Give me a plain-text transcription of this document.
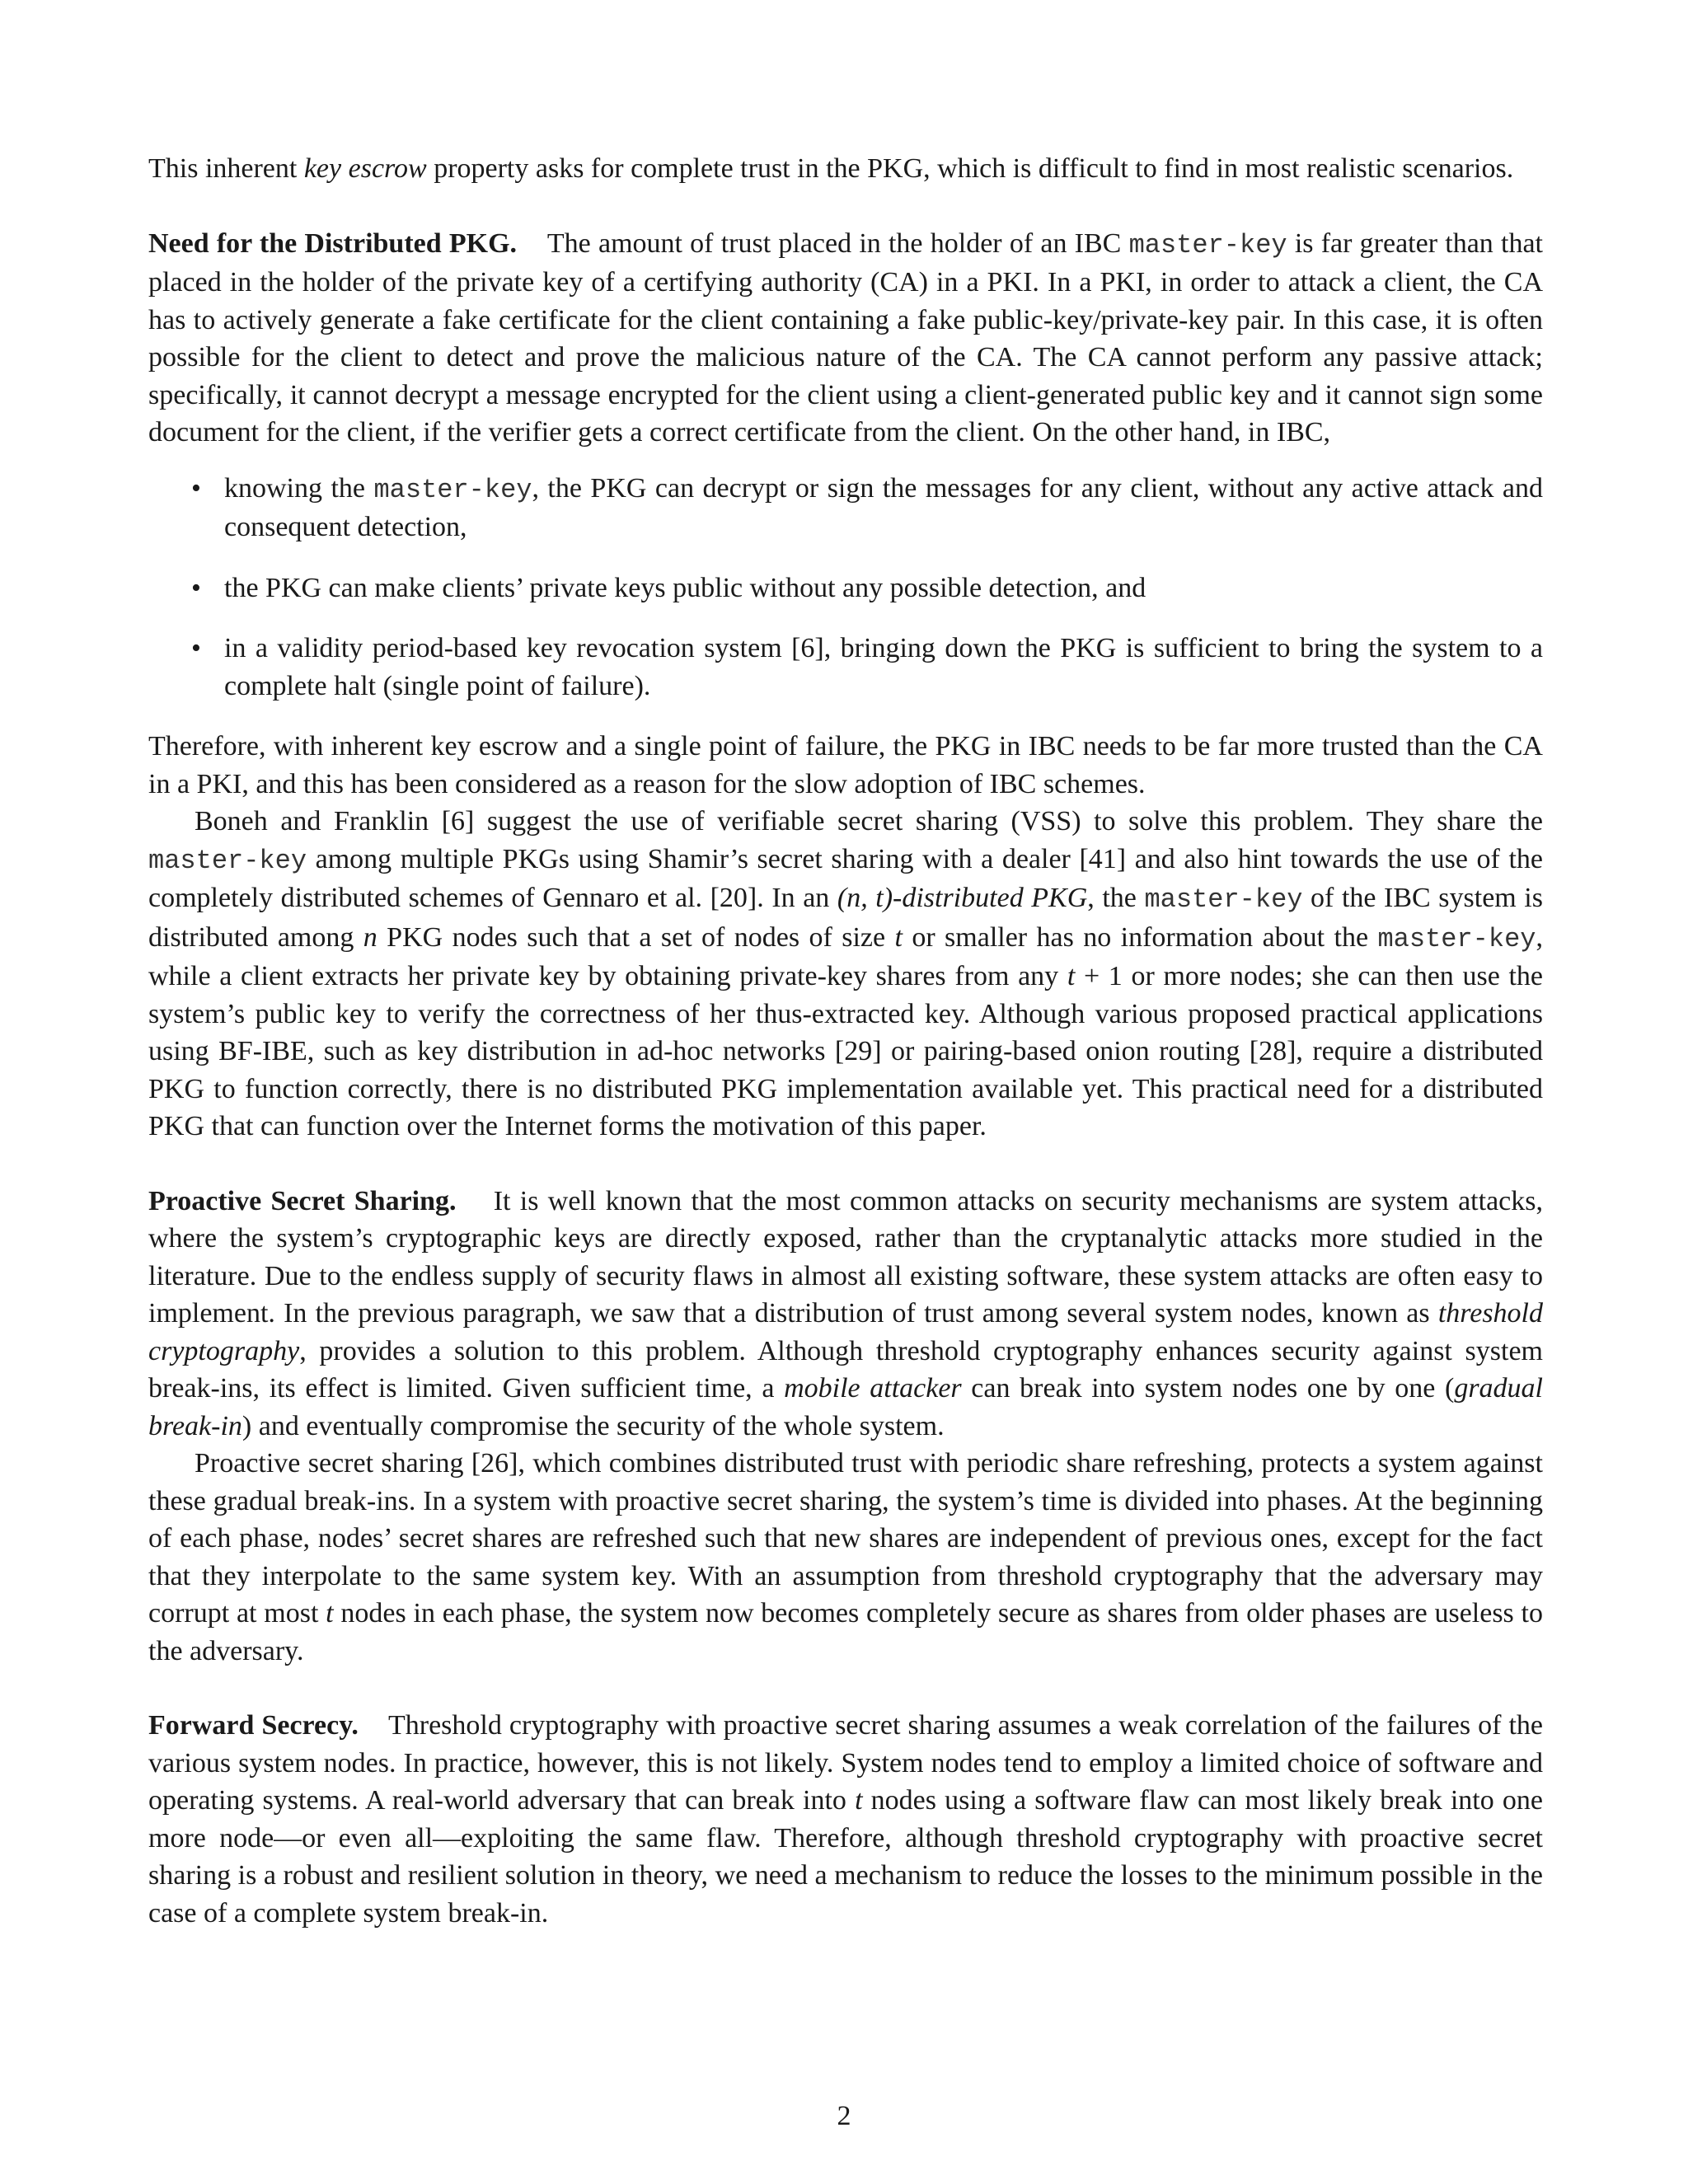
This inherent key escrow property asks for complete trust in the PKG, which is difficult to find in most realistic scenarios.

Need for the Distributed PKG. The amount of trust placed in the holder of an IBC master-key is far greater than that placed in the holder of the private key of a certifying authority (CA) in a PKI. In a PKI, in order to attack a client, the CA has to actively generate a fake certificate for the client containing a fake public-key/private-key pair. In this case, it is often possible for the client to detect and prove the malicious nature of the CA. The CA cannot perform any passive attack; specifically, it cannot decrypt a message encrypted for the client using a client-generated public key and it cannot sign some document for the client, if the verifier gets a correct certificate from the client. On the other hand, in IBC,

• knowing the master-key, the PKG can decrypt or sign the messages for any client, without any active attack and consequent detection,
• the PKG can make clients’ private keys public without any possible detection, and
• in a validity period-based key revocation system [6], bringing down the PKG is sufficient to bring the system to a complete halt (single point of failure).

Therefore, with inherent key escrow and a single point of failure, the PKG in IBC needs to be far more trusted than the CA in a PKI, and this has been considered as a reason for the slow adoption of IBC schemes.

Boneh and Franklin [6] suggest the use of verifiable secret sharing (VSS) to solve this problem. They share the master-key among multiple PKGs using Shamir’s secret sharing with a dealer [41] and also hint towards the use of the completely distributed schemes of Gennaro et al. [20]. In an (n, t)-distributed PKG, the master-key of the IBC system is distributed among n PKG nodes such that a set of nodes of size t or smaller has no information about the master-key, while a client extracts her private key by obtaining private-key shares from any t + 1 or more nodes; she can then use the system’s public key to verify the correctness of her thus-extracted key. Although various proposed practical applications using BF-IBE, such as key distribution in ad-hoc networks [29] or pairing-based onion routing [28], require a distributed PKG to function correctly, there is no distributed PKG implementation available yet. This practical need for a distributed PKG that can function over the Internet forms the motivation of this paper.

Proactive Secret Sharing. It is well known that the most common attacks on security mechanisms are system attacks, where the system’s cryptographic keys are directly exposed, rather than the cryptanalytic attacks more studied in the literature. Due to the endless supply of security flaws in almost all existing software, these system attacks are often easy to implement. In the previous paragraph, we saw that a distribution of trust among several system nodes, known as threshold cryptography, provides a solution to this problem. Although threshold cryptography enhances security against system break-ins, its effect is limited. Given sufficient time, a mobile attacker can break into system nodes one by one (gradual break-in) and eventually compromise the security of the whole system.

Proactive secret sharing [26], which combines distributed trust with periodic share refreshing, protects a system against these gradual break-ins. In a system with proactive secret sharing, the system’s time is divided into phases. At the beginning of each phase, nodes’ secret shares are refreshed such that new shares are independent of previous ones, except for the fact that they interpolate to the same system key. With an assumption from threshold cryptography that the adversary may corrupt at most t nodes in each phase, the system now becomes completely secure as shares from older phases are useless to the adversary.

Forward Secrecy. Threshold cryptography with proactive secret sharing assumes a weak correlation of the failures of the various system nodes. In practice, however, this is not likely. System nodes tend to employ a limited choice of software and operating systems. A real-world adversary that can break into t nodes using a software flaw can most likely break into one more node—or even all—exploiting the same flaw. Therefore, although threshold cryptography with proactive secret sharing is a robust and resilient solution in theory, we need a mechanism to reduce the losses to the minimum possible in the case of a complete system break-in.

2
